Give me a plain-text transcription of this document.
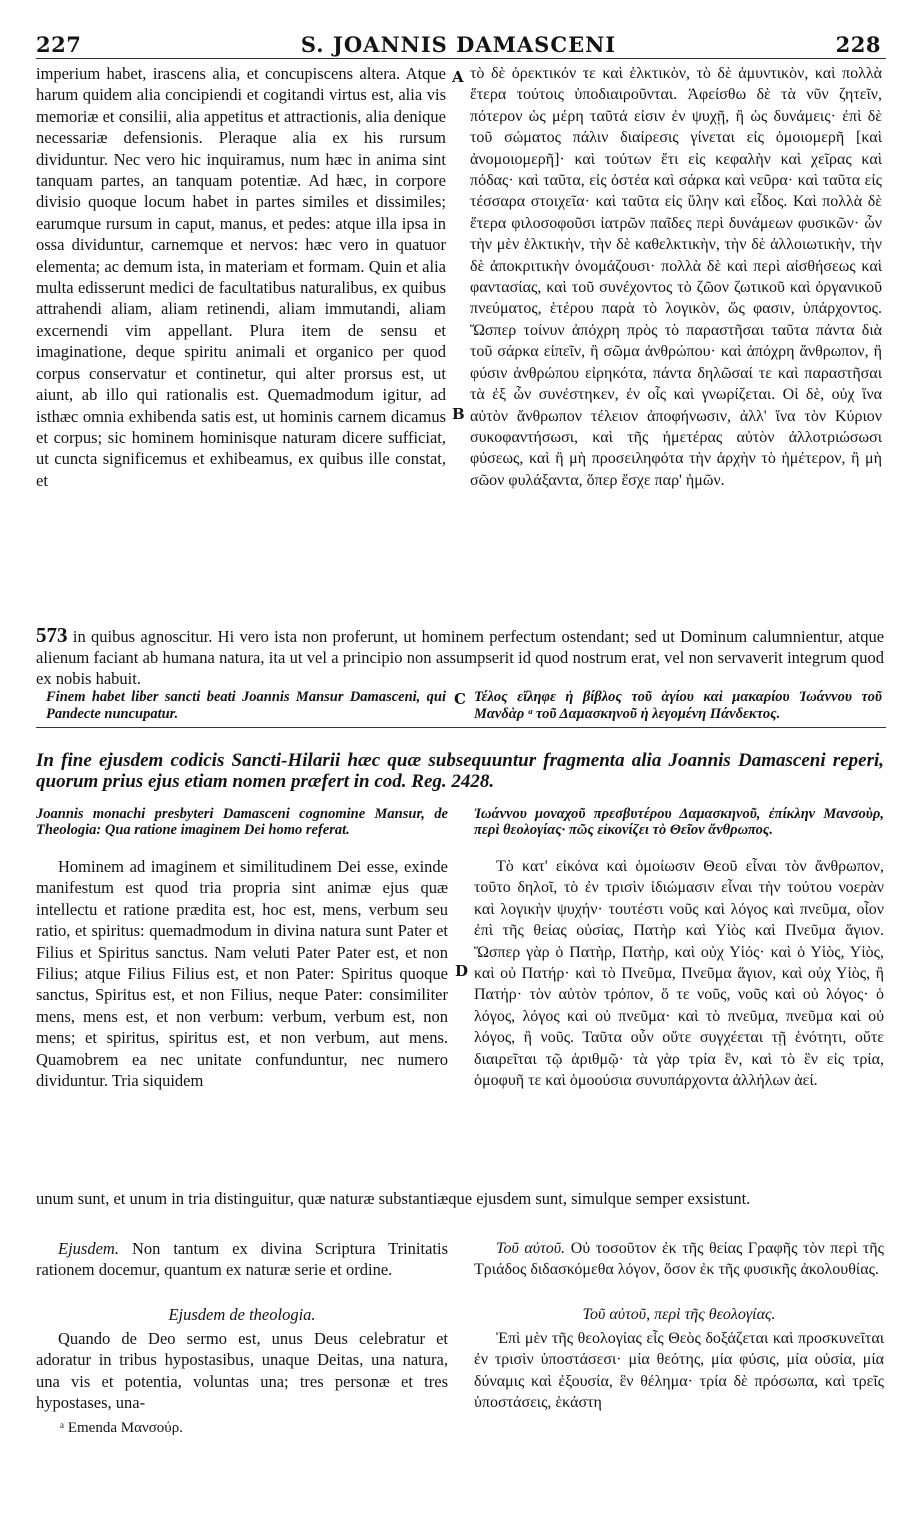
227	S. JOANNIS DAMASCENI	228

imperium habet, irascens alia, et concupiscens altera. Atque harum quidem alia concipiendi et cogitandi virtus est, alia vis memoriæ et consilii, alia appetitus et attractionis, alia denique necessariæ defensionis. Pleraque alia ex his rursum dividuntur. Nec vero hic inquiramus, num hæc in anima sint tanquam partes, an tanquam potentiæ. Ad hæc, in corpore divisio quoque locum habet in partes similes et dissimiles; earumque rursum in caput, manus, et pedes: atque illa ipsa in ossa dividuntur, carnemque et nervos: hæc vero in quatuor elementa; ac demum ista, in materiam et formam. Quin et alia multa edisserunt medici de facultatibus naturalibus, ex quibus attrahendi aliam, aliam retinendi, aliam immutandi, aliam excernendi vim appellant. Plura item de sensu et imaginatione, deque spiritu animali et organico per quod corpus conservatur et continetur, qui alter prorsus est, ut aiunt, ab illo qui rationalis est. Quemadmodum igitur, ad isthæc omnia exhibenda satis est, ut hominis carnem dicamus et corpus; sic hominem hominisque naturam dicere sufficiat, ut cuncta significemus et exhibeamus, ex quibus ille constat, et

A
B

τὸ δὲ ὀρεκτικόν τε καὶ ἑλκτικὸν, τὸ δὲ ἀμυντικὸν, καὶ πολλὰ ἕτερα τούτοις ὑποδιαιροῦνται. Ἀφείσθω δὲ τὰ νῦν ζητεῖν, πότερον ὡς μέρη ταῦτά εἰσιν ἐν ψυχῇ, ἢ ὡς δυνάμεις· ἐπὶ δὲ τοῦ σώματος πάλιν διαίρεσις γίνεται εἰς ὁμοιομερῆ [καὶ ἀνομοιομερῆ]· καὶ τούτων ἔτι εἰς κεφαλὴν καὶ χεῖρας καὶ πόδας· καὶ ταῦτα, εἰς ὀστέα καὶ σάρκα καὶ νεῦρα· καὶ ταῦτα εἰς τέσσαρα στοιχεῖα· καὶ ταῦτα εἰς ὕλην καὶ εἶδος. Καὶ πολλὰ δὲ ἕτερα φιλοσοφοῦσι ἰατρῶν παῖδες περὶ δυνάμεων φυσικῶν· ὧν τὴν μὲν ἑλκτικὴν, τὴν δὲ καθελκτικὴν, τὴν δὲ ἀλλοιωτικὴν, τὴν δὲ ἀποκριτικὴν ὀνομάζουσι· πολλὰ δὲ καὶ περὶ αἰσθήσεως καὶ φαντασίας, καὶ τοῦ συνέχοντος τὸ ζῶον ζωτικοῦ καὶ ὀργανικοῦ πνεύματος, ἑτέρου παρὰ τὸ λογικὸν, ὥς φασιν, ὑπάρχοντος. Ὥσπερ τοίνυν ἀπόχρη πρὸς τὸ παραστῆσαι ταῦτα πάντα διὰ τοῦ σάρκα εἰπεῖν, ἢ σῶμα ἀνθρώπου· καὶ ἀπόχρη ἄνθρωπον, ἢ φύσιν ἀνθρώπου εἰρηκότα, πάντα δηλῶσαί τε καὶ παραστῆσαι τὰ ἐξ ὧν συνέστηκεν, ἐν οἷς καὶ γνωρίζεται. Οἱ δὲ, οὐχ ἵνα αὐτὸν ἄνθρωπον τέλειον ἀποφήνωσιν, ἀλλ' ἵνα τὸν Κύριον συκοφαντήσωσι, καὶ τῆς ἡμετέρας αὐτὸν ἀλλοτριώσωσι φύσεως, καὶ ἢ μὴ προσειληφότα τὴν ἀρχὴν τὸ ἡμέτερον, ἢ μὴ σῶον φυλάξαντα, ὅπερ ἔσχε παρ' ἡμῶν.

573 in quibus agnoscitur. Hi vero ista non proferunt, ut hominem perfectum ostendant; sed ut Dominum calumnientur, atque alienum faciant ab humana natura, ita ut vel a principio non assumpserit id quod nostrum erat, vel non servaverit integrum quod ex nobis habuit.
Finem habet liber sancti beati Joannis Mansur Damasceni, qui Pandecte nuncupatur.
C Τέλος εἴληφε ἡ βίβλος τοῦ ἁγίου καὶ μακαρίου Ἰωάννου τοῦ Μανδὰρ ᵃ τοῦ Δαμασκηνοῦ ἡ λεγομένη Πάνδεκτος.
In fine ejusdem codicis Sancti-Hilarii hæc quæ subsequuntur fragmenta alia Joannis Damasceni reperi, quorum prius ejus etiam nomen præfert in cod. Reg. 2428.
Joannis monachi presbyteri Damasceni cognomine Mansur, de Theologia: Qua ratione imaginem Dei homo referat.
Ἰωάννου μοναχοῦ πρεσβυτέρου Δαμασκηνοῦ, ἐπίκλην Μανσοὺρ, περὶ θεολογίας· πῶς εἰκονίζει τὸ Θεῖον ἄνθρωπος.

Hominem ad imaginem et similitudinem Dei esse, exinde manifestum est quod tria propria sint animæ ejus quæ intellectu et ratione prædita est, hoc est, mens, verbum seu ratio, et spiritus: quemadmodum in divina natura sunt Pater et Filius et Spiritus sanctus. Nam veluti Pater Pater est, et non Filius; atque Filius Filius est, et non Pater: Spiritus quoque sanctus, Spiritus est, et non Filius, neque Pater: consimiliter mens, mens est, et non verbum: verbum, verbum est, non mens; et spiritus, spiritus est, et non verbum, aut mens. Quamobrem ea nec unitate confunduntur, nec numero dividuntur. Tria siquidem

D

Τὸ κατ' εἰκόνα καὶ ὁμοίωσιν Θεοῦ εἶναι τὸν ἄνθρωπον, τοῦτο δηλοῖ, τὸ ἐν τρισὶν ἰδιώμασιν εἶναι τὴν τούτου νοερὰν καὶ λογικὴν ψυχήν· τουτέστι νοῦς καὶ λόγος καὶ πνεῦμα, οἷον ἐπὶ τῆς θείας οὐσίας, Πατὴρ καὶ Υἱὸς καὶ Πνεῦμα ἅγιον. Ὥσπερ γὰρ ὁ Πατὴρ, Πατὴρ, καὶ οὐχ Υἱός· καὶ ὁ Υἱὸς, Υἱὸς, καὶ οὐ Πατήρ· καὶ τὸ Πνεῦμα, Πνεῦμα ἅγιον, καὶ οὐχ Υἱὸς, ἢ Πατήρ· τὸν αὐτὸν τρόπον, ὅ τε νοῦς, νοῦς καὶ οὐ λόγος· ὁ λόγος, λόγος καὶ οὐ πνεῦμα· καὶ τὸ πνεῦμα, πνεῦμα καὶ οὐ λόγος, ἢ νοῦς. Ταῦτα οὖν οὔτε συγχέεται τῇ ἑνότητι, οὔτε διαιρεῖται τῷ ἀριθμῷ· τὰ γὰρ τρία ἓν, καὶ τὸ ἓν εἰς τρία, ὁμοφυῆ τε καὶ ὁμοούσια συνυπάρχοντα ἀλλήλων ἀεί.

unum sunt, et unum in tria distinguitur, quæ naturæ substantiæque ejusdem sunt, simulque semper exsistunt.
Ejusdem. Non tantum ex divina Scriptura Trinitatis rationem docemur, quantum ex naturæ serie et ordine.
Τοῦ αὐτοῦ. Οὐ τοσοῦτον ἐκ τῆς θείας Γραφῆς τὸν περὶ τῆς Τριάδος διδασκόμεθα λόγον, ὅσον ἐκ τῆς φυσικῆς ἀκολουθίας.
Ejusdem de theologia.	Τοῦ αὐτοῦ, περὶ τῆς θεολογίας.

Quando de Deo sermo est, unus Deus celebratur et adoratur in tribus hypostasibus, unaque Deitas, una natura, una vis et potentia, voluntas una; tres personæ et tres hypostases, una-

Ἐπὶ μὲν τῆς θεολογίας εἷς Θεὸς δοξάζεται καὶ προσκυνεῖται ἐν τρισὶν ὑποστάσεσι· μία θεότης, μία φύσις, μία οὐσία, μία δύναμις καὶ ἐξουσία, ἓν θέλημα· τρία δὲ πρόσωπα, καὶ τρεῖς ὑποστάσεις, ἑκάστη

ᵃ Emenda Μανσούρ.
